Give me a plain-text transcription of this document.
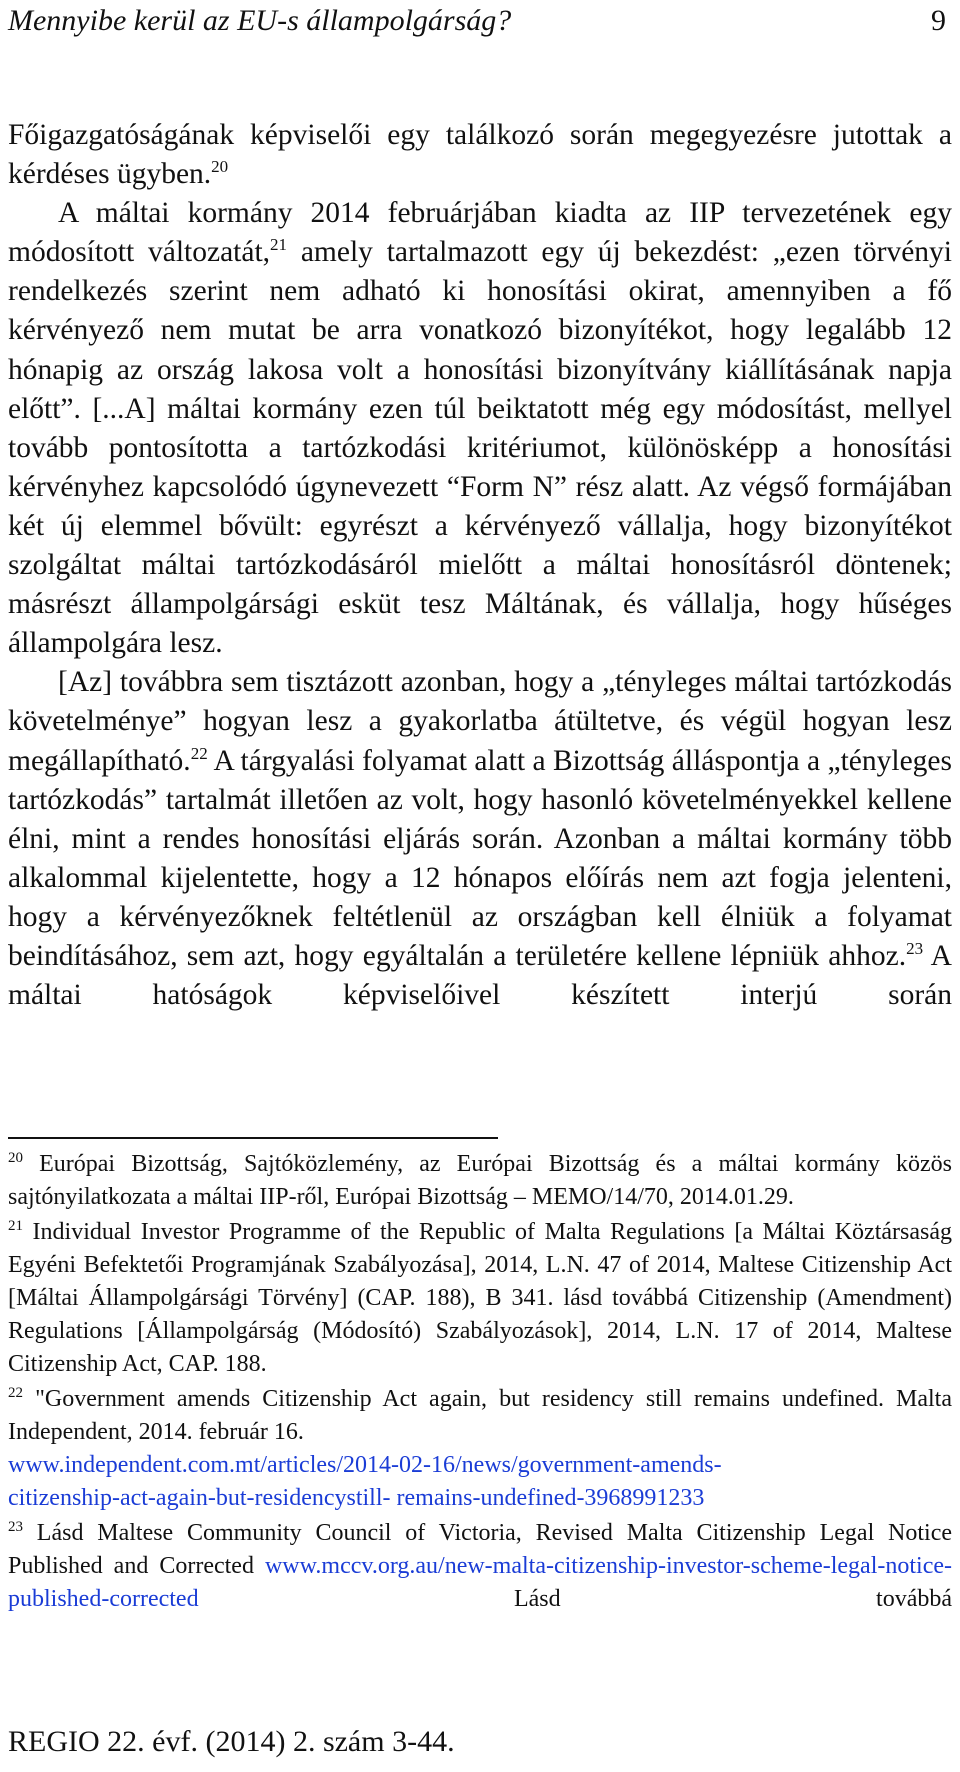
Mennyibe kerül az EU-s állampolgárság?	9

Főigazgatóságának képviselői egy találkozó során megegyezésre jutottak a kérdéses ügyben.$^{20}$

A máltai kormány 2014 februárjában kiadta az IIP tervezetének egy módosított változatát,$^{21}$ amely tartalmazott egy új bekezdést: „ezen törvényi rendelkezés szerint nem adható ki honosítási okirat, amennyiben a fő kérvényező nem mutat be arra vonatkozó bizonyítékot, hogy legalább 12 hónapig az ország lakosa volt a honosítási bizonyítvány kiállításának napja előtt”. [...A] máltai kormány ezen túl beiktatott még egy módosítást, mellyel tovább pontosította a tartózkodási kritériumot, különösképp a honosítási kérvényhez kapcsolódó úgynevezett “Form N” rész alatt. Az végső formájában két új elemmel bővült: egyrészt a kérvényező vállalja, hogy bizonyítékot szolgáltat máltai tartózkodásáról mielőtt a máltai honosításról döntenek; másrészt állampolgársági esküt tesz Máltának, és vállalja, hogy hűséges állampolgára lesz.

[Az] továbbra sem tisztázott azonban, hogy a „tényleges máltai tartózkodás követelménye” hogyan lesz a gyakorlatba átültetve, és végül hogyan lesz megállapítható.$^{22}$ A tárgyalási folyamat alatt a Bizottság álláspontja a „tényleges tartózkodás” tartalmát illetően az volt, hogy hasonló követelményekkel kellene élni, mint a rendes honosítási eljárás során. Azonban a máltai kormány több alkalommal kijelentette, hogy a 12 hónapos előírás nem azt fogja jelenteni, hogy a kérvényezőknek feltétlenül az országban kell élniük a folyamat beindításához, sem azt, hogy egyáltalán a területére kellene lépniük ahhoz.$^{23}$ A máltai hatóságok képviselőivel készített interjú során

$^{20}$ Európai Bizottság, Sajtóközlemény, az Európai Bizottság és a máltai kormány közös sajtónyilatkozata a máltai IIP-ről, Európai Bizottság – MEMO/14/70, 2014.01.29.

$^{21}$ Individual Investor Programme of the Republic of Malta Regulations [a Máltai Köztársaság Egyéni Befektetői Programjának Szabályozása], 2014, L.N. 47 of 2014, Maltese Citizenship Act [Máltai Állampolgársági Törvény] (CAP. 188), B 341. lásd továbbá Citizenship (Amendment) Regulations [Állampolgárság (Módosító) Szabályozások], 2014, L.N. 17 of 2014, Maltese Citizenship Act, CAP. 188.

$^{22}$ "Government amends Citizenship Act again, but residency still remains undefined. Malta Independent, 2014. február 16.
www.independent.com.mt/articles/2014-02-16/news/government-amends-
citizenship-act-again-but-residencystill- remains-undefined-3968991233

$^{23}$ Lásd Maltese Community Council of Victoria, Revised Malta Citizenship Legal Notice Published and Corrected www.mccv.org.au/new-malta-citizenship-investor-scheme-legal-notice-published-corrected Lásd továbbá

REGIO 22. évf. (2014) 2. szám 3-44.
